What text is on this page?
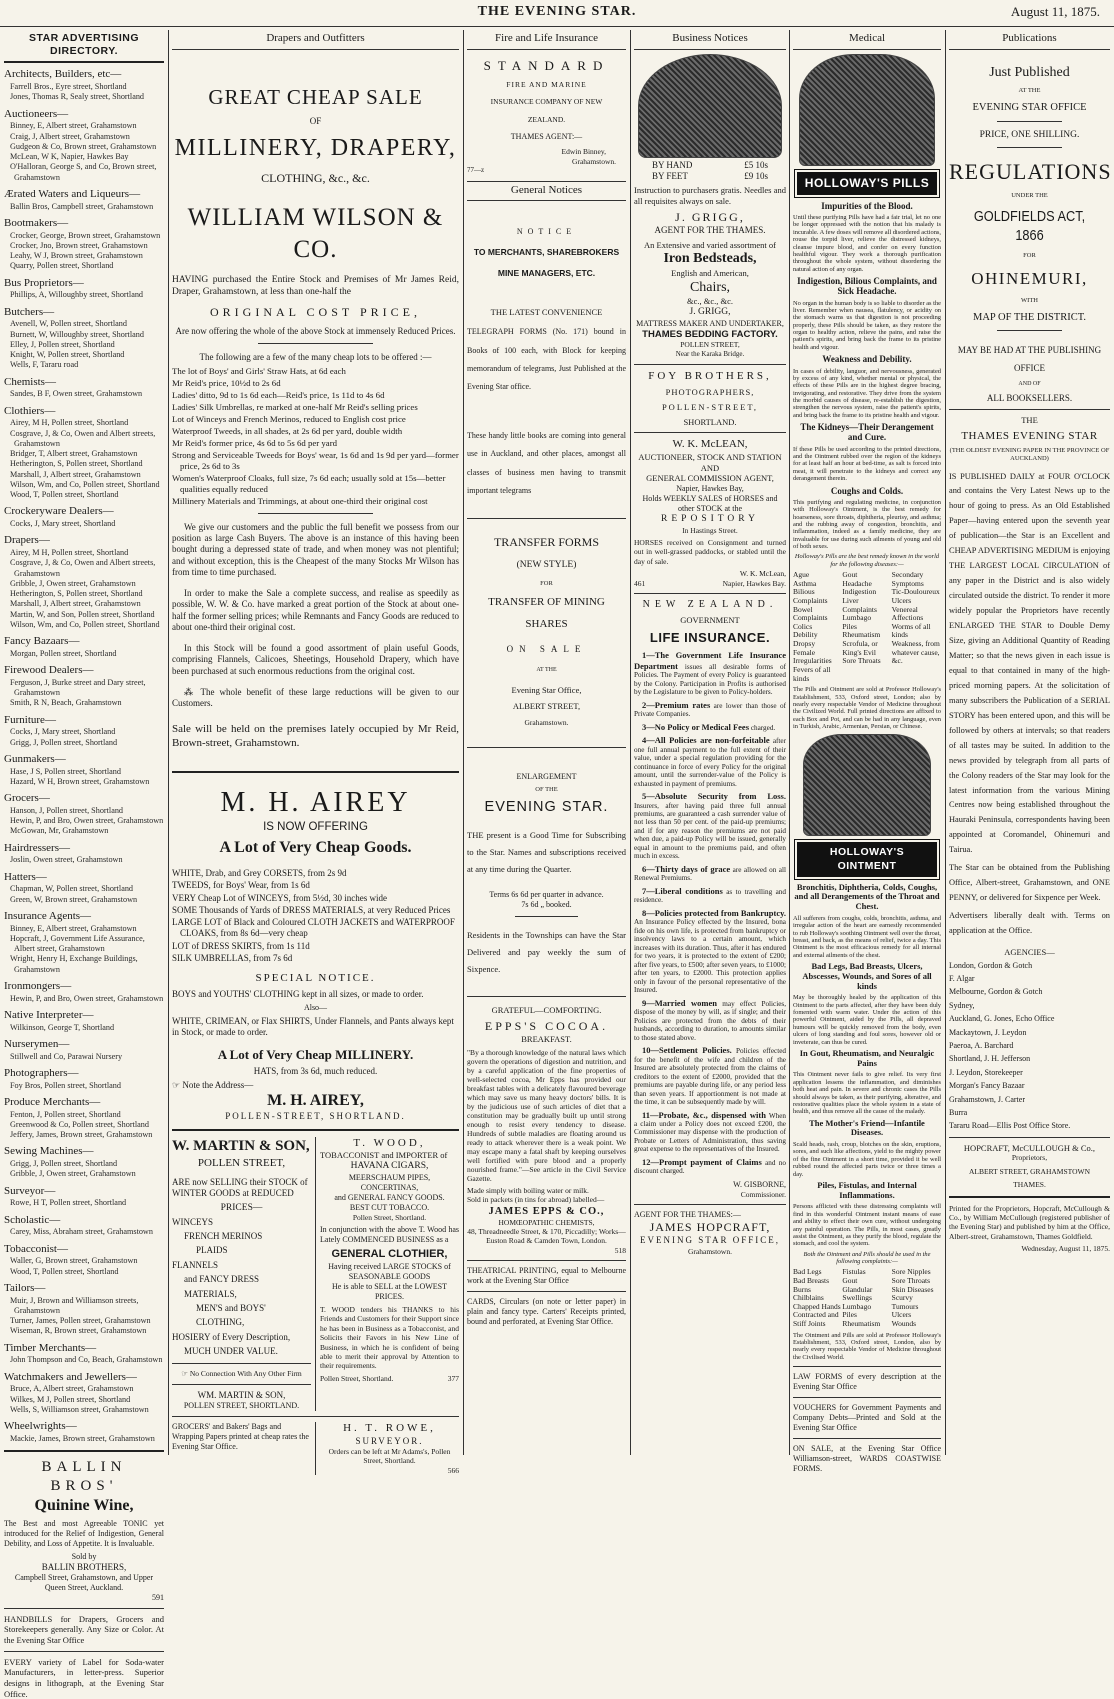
THE EVENING STAR.	August 11, 1875.
STAR ADVERTISING DIRECTORY.
Architects, Builders, etc—
Farrell Bros., Eyre street, Shortland
Jones, Thomas R, Sealy street, Shortland
Auctioneers—
Binney, E, Albert street, Grahamstown
Craig, J, Albert street, Grahamstown
Gudgeon & Co, Brown street, Grahamstown
McLean, W K, Napier, Hawkes Bay
O'Halloran, George S, and Co, Brown street, Grahamstown
Ærated Waters and Liqueurs—
Ballin Bros, Campbell street, Grahamstown
Bootmakers—
Crocker, George, Brown street, Grahamstown
Crocker, Jno, Brown street, Grahamstown
Leahy, W J, Brown street, Grahamstown
Quarry, Pollen street, Shortland
Bus Proprietors—
Phillips, A, Willoughby street, Shortland
Butchers—
Avenell, W, Pollen street, Shortland
Burnett, W, Willoughby street, Shortland
Elley, J, Pollen street, Shortland
Knight, W, Pollen street, Shortland
Wells, F, Tararu road
Chemists—
Sandes, B F, Owen street, Grahamstown
Clothiers—
Airey, M H, Pollen street, Shortland
Cosgrave, J, & Co, Owen and Albert streets, Grahamstown
Bridger, T, Albert street, Grahamstown
Hetherington, S, Pollen street, Shortland
Marshall, J, Albert street, Grahamstown
Wilson, Wm, and Co, Pollen street, Shortland
Wood, T, Pollen street, Shortland
Crockeryware Dealers—
Cocks, J, Mary street, Shortland
Drapers—
Airey, M H, Pollen street, Shortland
Cosgrave, J, & Co, Owen and Albert streets, Grahamstown
Gribble, J, Owen street, Grahamstown
Hetherington, S, Pollen street, Shortland
Marshall, J, Albert street, Grahamstown
Martin, W, and Son, Pollen street, Shortland
Wilson, Wm, and Co, Pollen street, Shortland
Fancy Bazaars—
Morgan, Pollen street, Shortland
Firewood Dealers—
Ferguson, J, Burke street and Dary street, Grahamstown
Smith, R N, Beach, Grahamstown
Furniture—
Cocks, J, Mary street, Shortland
Grigg, J, Pollen street, Shortland
Gunmakers—
Hase, J S, Pollen street, Shortland
Hazard, W H, Brown street, Grahamstown
Grocers—
Hanson, J, Pollen street, Shortland
Hewin, P, and Bro, Owen street, Grahamstown
McGowan, Mr, Grahamstown
Hairdressers—
Joslin, Owen street, Grahamstown
Hatters—
Chapman, W, Pollen street, Shortland
Green, W, Brown street, Grahamstown
Insurance Agents—
Binney, E, Albert street, Grahamstown
Hopcraft, J, Government Life Assurance, Albert street, Grahamstown
Wright, Henry H, Exchange Buildings, Grahamstown
Ironmongers—
Hewin, P, and Bro, Owen street, Grahamstown
Native Interpreter—
Wilkinson, George T, Shortland
Nurserymen—
Stillwell and Co, Parawai Nursery
Photographers—
Foy Bros, Pollen street, Shortland
Produce Merchants—
Fenton, J, Pollen street, Shortland
Greenwood & Co, Pollen street, Shortland
Jeffery, James, Brown street, Grahamstown
Sewing Machines—
Grigg, J, Pollen street, Shortland
Gribble, J, Owen street, Grahamstown
Surveyor—
Rowe, H T, Pollen street, Shortland
Scholastic—
Carey, Miss, Abraham street, Grahamstown
Tobacconist—
Waller, G, Brown street, Grahamstown
Wood, T, Pollen street, Shortland
Tailors—
Muir, J, Brown and Williamson streets, Grahamstown
Turner, James, Pollen street, Grahamstown
Wiseman, R, Brown street, Grahamstown
Timber Merchants—
John Thompson and Co, Beach, Grahamstown
Watchmakers and Jewellers—
Bruce, A, Albert street, Grahamstown
Wilkes, M J, Pollen street, Shortland
Wells, S, Williamson street, Grahamstown
Wheelwrights—
Mackie, James, Brown street, Grahamstown
BALLIN BROS'
Quinine Wine,

The Best and most Agreeable TONIC yet introduced for the Relief of Indigestion, General Debility, and Loss of Appetite. It is Invaluable.

Sold by
BALLIN BROTHERS,
Campbell Street, Grahamstown, and Upper Queen Street, Auckland.
591

HANDBILLS for Drapers, Grocers and Storekeepers generally. Any Size or Color. At the Evening Star Office

EVERY variety of Label for Soda-water Manufacturers, in letter-press. Superior designs in lithograph, at the Evening Star Office.

Drapers and Outfitters
GREAT CHEAP SALE
OF
MILLINERY, DRAPERY,
CLOTHING, &c., &c.
WILLIAM WILSON & CO.

HAVING purchased the Entire Stock and Premises of Mr James Reid, Draper, Grahamstown, at less than one-half the

ORIGINAL COST PRICE,

Are now offering the whole of the above Stock at immensely Reduced Prices.

The following are a few of the many cheap lots to be offered :—

The lot of Boys' and Girls' Straw Hats, at 6d each

Mr Reid's price, 10½d to 2s 6d

Ladies' ditto, 9d to 1s 6d each—Reid's price, 1s 11d to 4s 6d

Ladies' Silk Umbrellas, re marked at one-half Mr Reid's selling prices

Lot of Winceys and French Merinos, reduced to English cost price

Waterproof Tweeds, in all shades, at 2s 6d per yard, double width

Mr Reid's former price, 4s 6d to 5s 6d per yard

Strong and Serviceable Tweeds for Boys' wear, 1s 6d and 1s 9d per yard—former price, 2s 6d to 3s

Women's Waterproof Cloaks, full size, 7s 6d each; usually sold at 15s—better qualities equally reduced

Millinery Materials and Trimmings, at about one-third their original cost

We give our customers and the public the full benefit we possess from our position as large Cash Buyers. The above is an instance of this having been bought during a depressed state of trade, and when money was not plentiful; and without exception, this is the Cheapest of the many Stocks Mr Wilson has from time to time purchased.

In order to make the Sale a complete success, and realise as speedily as possible, W. W. & Co. have marked a great portion of the Stock at about one-half the former selling prices; while Remnants and Fancy Goods are reduced to about one-third their original cost.

In this Stock will be found a good assortment of plain useful Goods, comprising Flannels, Calicoes, Sheetings, Household Drapery, which have been purchased at such enormous reductions from the original cost.

⁂ The whole benefit of these large reductions will be given to our Customers.

Sale will be held on the premises lately occupied by Mr Reid, Brown-street, Grahamstown.

M. H. AIREY
IS NOW OFFERING
A Lot of Very Cheap Goods.

WHITE, Drab, and Grey CORSETS, from 2s 9d

TWEEDS, for Boys' Wear, from 1s 6d

VERY Cheap Lot of WINCEYS, from 5½d, 30 inches wide

SOME Thousands of Yards of DRESS MATERIALS, at very Reduced Prices

LARGE LOT of Black and Coloured CLOTH JACKETS and WATERPROOF CLOAKS, from 8s 6d—very cheap

LOT of DRESS SKIRTS, from 1s 11d

SILK UMBRELLAS, from 7s 6d

SPECIAL NOTICE.

BOYS and YOUTHS' CLOTHING kept in all sizes, or made to order.

Also—

WHITE, CRIMEAN, or Flax SHIRTS, Under Flannels, and Pants always kept in Stock, or made to order.

A Lot of Very Cheap MILLINERY.
HATS, from 3s 6d, much reduced.
☞ Note the Address—
M. H. AIREY,
POLLEN-STREET, SHORTLAND.
W. MARTIN & SON,
POLLEN STREET,

ARE now SELLING their STOCK of WINTER GOODS at REDUCED

PRICES—
WINCEYS
FRENCH MERINOS
PLAIDS
FLANNELS
and FANCY DRESS MATERIALS,
MEN'S and BOYS' CLOTHING,
HOSIERY of Every Description,
MUCH UNDER VALUE.
☞ No Connection With Any Other Firm
WM. MARTIN & SON,
POLLEN STREET, SHORTLAND.
T. WOOD,
TOBACCONIST and IMPORTER of
HAVANA CIGARS,
MEERSCHAUM PIPES, CONCERTINAS,
and GENERAL FANCY GOODS.
BEST CUT TOBACCO.
Pollen Street, Shortland.

In conjunction with the above T. Wood has Lately COMMENCED BUSINESS as a

GENERAL CLOTHIER,
Having received LARGE STOCKS of SEASONABLE GOODS
He is able to SELL at the LOWEST PRICES.

T. WOOD tenders his THANKS to his Friends and Customers for their Support since he has been in Business as a Tobacconist, and Solicits their Favors in his New Line of Business, in which he is confident of being able to merit their approval by Attention to their requirements.

Pollen Street, Shortland.	377
GROCERS' and Bakers' Bags and Wrapping Papers printed at cheap rates the Evening Star Office.
H. T. ROWE,
SURVEYOR.
Orders can be left at Mr Adams's, Pollen Street, Shortland.
566
Fire and Life Insurance
STANDARD
FIRE AND MARINE
INSURANCE COMPANY OF NEW
ZEALAND.
THAMES AGENT:—
Edwin Binney,
Grahamstown.
77—z
General Notices
NOTICE
TO MERCHANTS, SHAREBROKERS
MINE MANAGERS, ETC.
THE LATEST CONVENIENCE

TELEGRAPH FORMS (No. 171) bound in Books of 100 each, with Block for keeping memorandum of telegrams, Just Published at the Evening Star office.

These handy little books are coming into general use in Auckland, and other places, amongst all classes of business men having to transmit important telegrams

TRANSFER FORMS
(NEW STYLE)
FOR
TRANSFER OF MINING
SHARES
ON SALE
AT THE
Evening Star Office,
ALBERT STREET,
Grahamstown.
ENLARGEMENT
OF THE
EVENING STAR.

THE present is a Good Time for Subscribing to the Star. Names and subscriptions received at any time during the Quarter.

Terms 6s 6d per quarter in advance.
7s 6d „ booked.

Residents in the Townships can have the Star Delivered and pay weekly the sum of Sixpence.

GRATEFUL—COMFORTING.
EPPS'S COCOA.
BREAKFAST.

"By a thorough knowledge of the natural laws which govern the operations of digestion and nutrition, and by a careful application of the fine properties of well-selected cocoa, Mr Epps has provided our breakfast tables with a delicately flavoured beverage which may save us many heavy doctors' bills. It is by the judicious use of such articles of diet that a constitution may be gradually built up until strong enough to resist every tendency to disease. Hundreds of subtle maladies are floating around us ready to attack wherever there is a weak point. We may escape many a fatal shaft by keeping ourselves well fortified with pure blood and a properly nourished frame."—See article in the Civil Service Gazette.

Made simply with boiling water or milk.
Sold in packets (in tins for abroad) labelled—
JAMES EPPS & CO.,
HOMŒOPATHIC CHEMISTS,
48, Threadneedle Street, & 170, Piccadilly; Works—Euston Road & Camden Town, London.
518

THEATRICAL PRINTING, equal to Melbourne work at the Evening Star Office

CARDS, Circulars (on note or letter paper) in plain and fancy type. Carters' Receipts printed, bound and perforated, at Evening Star Office.

Business Notices
BY HAND	£5 10s
BY FEET	£9 10s

Instruction to purchasers gratis. Needles and all requisites always on sale.

J. GRIGG,
AGENT FOR THE THAMES.
An Extensive and varied assortment of
Iron Bedsteads,
English and American,
Chairs,
&c., &c., &c.
J. GRIGG,
MATTRESS MAKER AND UNDERTAKER,
THAMES BEDDING FACTORY.
POLLEN STREET,
Near the Karaka Bridge.
FOY BROTHERS,
PHOTOGRAPHERS,
POLLEN-STREET,
SHORTLAND.
W. K. McLEAN,
AUCTIONEER, STOCK AND STATION AND
GENERAL COMMISSION AGENT,
Napier, Hawkes Bay,
Holds WEEKLY SALES of HORSES and other STOCK at the
REPOSITORY
In Hastings Street.

HORSES received on Consignment and turned out in well-grassed paddocks, or stabled until the day of sale.

W. K. McLean,
461	Napier, Hawkes Bay.
NEW ZEALAND.
GOVERNMENT
LIFE INSURANCE.

1—The Government Life Insurance Department issues all desirable forms of Policies. The Payment of every Policy is guaranteed by the Colony. Participation in Profits is authorised by the Legislature to be given to Policy-holders.

2—Premium rates are lower than those of Private Companies.

3—No Policy or Medical Fees charged.

4—All Policies are non-forfeitable after one full annual payment to the full extent of their value, under a special regulation providing for the continuance in force of every Policy for the original amount, until the surrender-value of the Policy is exhausted in payment of premiums.

5—Absolute Security from Loss. Insurers, after having paid three full annual premiums, are guaranteed a cash surrender value of not less than 50 per cent. of the paid-up premiums; and if for any reason the premiums are not paid when due, a paid-up Policy will be issued, generally equal in amount to the premiums paid, and often much in excess.

6—Thirty days of grace are allowed on all Renewal Premiums.

7—Liberal conditions as to travelling and residence.

8—Policies protected from Bankruptcy. An Insurance Policy effected by the Insured, bona fide on his own life, is protected from bankruptcy or insolvency laws to a certain amount, which increases with its duration. Thus, after it has endured for two years, it is protected to the extent of £200; after five years, to £500; after seven years, to £1000; after ten years, to £2000. This protection applies only in favour of the personal representative of the Insured.

9—Married women may effect Policies, dispose of the money by will, as if single; and their Policies are protected from the debts of their husbands, according to duration, to amounts similar to those stated above.

10—Settlement Policies. Policies effected for the benefit of the wife and children of the Insured are absolutely protected from the claims of creditors to the extent of £2000, provided that the premiums are payable during life, or any period less than seven years. If apportionment is not made at the time, it can be subsequently made by will.

11—Probate, &c., dispensed with When a claim under a Policy does not exceed £200, the Commissioner may dispense with the production of Probate or Letters of Administration, thus saving great expense to the representatives of the Insured.

12—Prompt payment of Claims and no discount charged.

W. GISBORNE,
Commissioner.
AGENT FOR THE THAMES:—
JAMES HOPCRAFT,
EVENING STAR OFFICE,
Grahamstown.
Medical
HOLLOWAY'S PILLS
Impurities of the Blood.

Until these purifying Pills have had a fair trial, let no one be longer oppressed with the notion that his malady is incurable. A few doses will remove all disordered actions, rouse the torpid liver, relieve the distressed kidneys, cleanse impure blood, and confer on every function healthful vigour. They work a thorough purification throughout the whole system, without disordering the natural action of any organ.

Indigestion, Bilious Complaints, and Sick Headache.

No organ in the human body is so liable to disorder as the liver. Remember when nausea, flatulency, or acidity on the stomach warns us that digestion is not proceeding properly, these Pills should be taken, as they restore the organ to healthy action, relieve the pains, and raise the patient's spirits, and bring back the frame to its pristine health and vigour.

Weakness and Debility.

In cases of debility, languor, and nervousness, generated by excess of any kind, whether mental or physical, the effects of these Pills are in the highest degree bracing, invigorating, and restorative. They drive from the system the morbid causes of disease, re-establish the digestion, strengthen the nervous system, raise the patient's spirits, and bring back the frame to its pristine health and vigour.

The Kidneys—Their Derangement and Cure.

If these Pills be used according to the printed directions, and the Ointment rubbed over the region of the kidneys for at least half an hour at bed-time, as salt is forced into meat, it will penetrate to the kidneys and correct any derangement therein.

Coughs and Colds.

This purifying and regulating medicine, in conjunction with Holloway's Ointment, is the best remedy for hoarseness, sore throats, diphtheria, pleurisy, and asthma; and the rubbing away of congestion, bronchitis, and inflammation, indeed as a family medicine, they are invaluable for use during such ailments of young and old of both sexes.

Holloway's Pills are the best remedy known in the world for the following diseases:—

Ague
Asthma
Bilious Complaints
Bowel Complaints
Colics
Debility
Dropsy
Female Irregularities
Fevers of all kinds
Gout
Headache
Indigestion
Liver Complaints
Lumbago
Piles
Rheumatism
Scrofula, or King's Evil
Sore Throats
Secondary Symptoms
Tic-Douloureux
Ulcers
Venereal Affections
Worms of all kinds
Weakness, from whatever cause, &c.

The Pills and Ointment are sold at Professor Holloway's Establishment, 533, Oxford street, London; also by nearly every respectable Vendor of Medicine throughout the Civilized World. Full printed directions are affixed to each Box and Pot, and can be had in any language, even in Turkish, Arabic, Armenian, Persian, or Chinese.

HOLLOWAY'S OINTMENT
Bronchitis, Diphtheria, Colds, Coughs, and all Derangements of the Throat and Chest.

All sufferers from coughs, colds, bronchitis, asthma, and irregular action of the heart are earnestly recommended to rub Holloway's soothing Ointment well over the throat, breast, and back, as the means of relief, twice a day. This Ointment is the most efficacious remedy for all internal and external ailments of the chest.

Bad Legs, Bad Breasts, Ulcers, Abscesses, Wounds, and Sores of all kinds

May be thoroughly healed by the application of this Ointment to the parts affected, after they have been duly fomented with warm water. Under the action of this powerful Ointment, aided by the Pills, all depraved humours will be quickly removed from the body, even ulcers of long standing and foul sores, however old or inveterate, can thus be cured.

In Gout, Rheumatism, and Neuralgic Pains

This Ointment never fails to give relief. Its very first application lessens the inflammation, and diminishes both heat and pain. In severe and chronic cases the Pills should always be taken, as their purifying, alterative, and restorative qualities place the whole system in a state of health, and thus remove all the cause of the malady.

The Mother's Friend—Infantile Diseases.

Scald heads, rash, croup, blotches on the skin, eruptions, sores, and such like affections, yield to the mighty power of the fine Ointment in a short time, provided it be well rubbed round the affected parts twice or three times a day.

Piles, Fistulas, and Internal Inflammations.

Persons afflicted with these distressing complaints will find in this wonderful Ointment instant means of ease and ability to effect their own cure, without undergoing any painful operation. The Pills, in most cases, greatly assist the Ointment, as they purify the blood, regulate the stomach, and cool the system.

Both the Ointment and Pills should be used in the following complaints:—

Bad Legs
Bad Breasts
Burns
Chilblains
Chapped Hands
Contracted and Stiff Joints
Fistulas
Gout
Glandular Swellings
Lumbago
Piles
Rheumatism
Sore Nipples
Sore Throats
Skin Diseases
Scurvy
Tumours
Ulcers
Wounds

The Ointment and Pills are sold at Professor Holloway's Establishment, 533, Oxford street, London, also by nearly every respectable Vendor of Medicine throughout the Civilised World.

LAW FORMS of every description at the Evening Star Office

VOUCHERS for Government Payments and Company Debts—Printed and Sold at the Evening Star Office

ON SALE, at the Evening Star Office Williamson-street, WARDS COASTWISE FORMS.

Publications
Just Published
AT THE
EVENING STAR OFFICE
PRICE, ONE SHILLING.
REGULATIONS
UNDER THE
GOLDFIELDS ACT, 1866
FOR
OHINEMURI,
WITH
MAP OF THE DISTRICT.
MAY BE HAD AT THE PUBLISHING OFFICE
AND OF
ALL BOOKSELLERS.
THE
THAMES EVENING STAR
(THE OLDEST EVENING PAPER IN THE PROVINCE OF AUCKLAND)

IS PUBLISHED DAILY at FOUR O'CLOCK and contains the Very Latest News up to the hour of going to press. As an Old Established Paper—having entered upon the seventh year of publication—the Star is an Excellent and CHEAP ADVERTISING MEDIUM is enjoying THE LARGEST LOCAL CIRCULATION of any paper in the District and is also widely circulated outside the district. To render it more widely popular the Proprietors have recently ENLARGED THE STAR to Double Demy Size, giving an Additional Quantity of Reading Matter; so that the news given in each issue is equal to that contained in many of the high-priced morning papers. At the solicitation of many subscribers the Publication of a SERIAL STORY has been entered upon, and this will be followed by others at intervals; so that readers of all tastes may be suited. In addition to the news provided by telegraph from all parts of the Colony readers of the Star may look for the latest information from the various Mining Centres now being established throughout the Hauraki Peninsula, correspondents having been appointed at Coromandel, Ohinemuri and Tairua.

The Star can be obtained from the Publishing Office, Albert-street, Grahamstown, and ONE PENNY, or delivered for Sixpence per Week.

Advertisers liberally dealt with. Terms on application at the Office.

AGENCIES—

London, Gordon & Gotch

F. Algar

Melbourne, Gordon & Gotch

Sydney,

Auckland, G. Jones, Echo Office

Mackaytown, J. Leydon

Paeroa, A. Barchard

Shortland, J. H. Jefferson

J. Leydon, Storekeeper

Morgan's Fancy Bazaar

Grahamstown, J. Carter

Burra

Tararu Road—Ellis Post Office Store.

HOPCRAFT, McCULLOUGH & Co.,
Proprietors,
ALBERT STREET, GRAHAMSTOWN
THAMES.

Printed for the Proprietors, Hopcraft, McCullough & Co., by William McCullough (registered publisher of the Evening Star) and published by him at the Office, Albert-street, Grahamstown, Thames Goldfield.

Wednesday, August 11, 1875.
